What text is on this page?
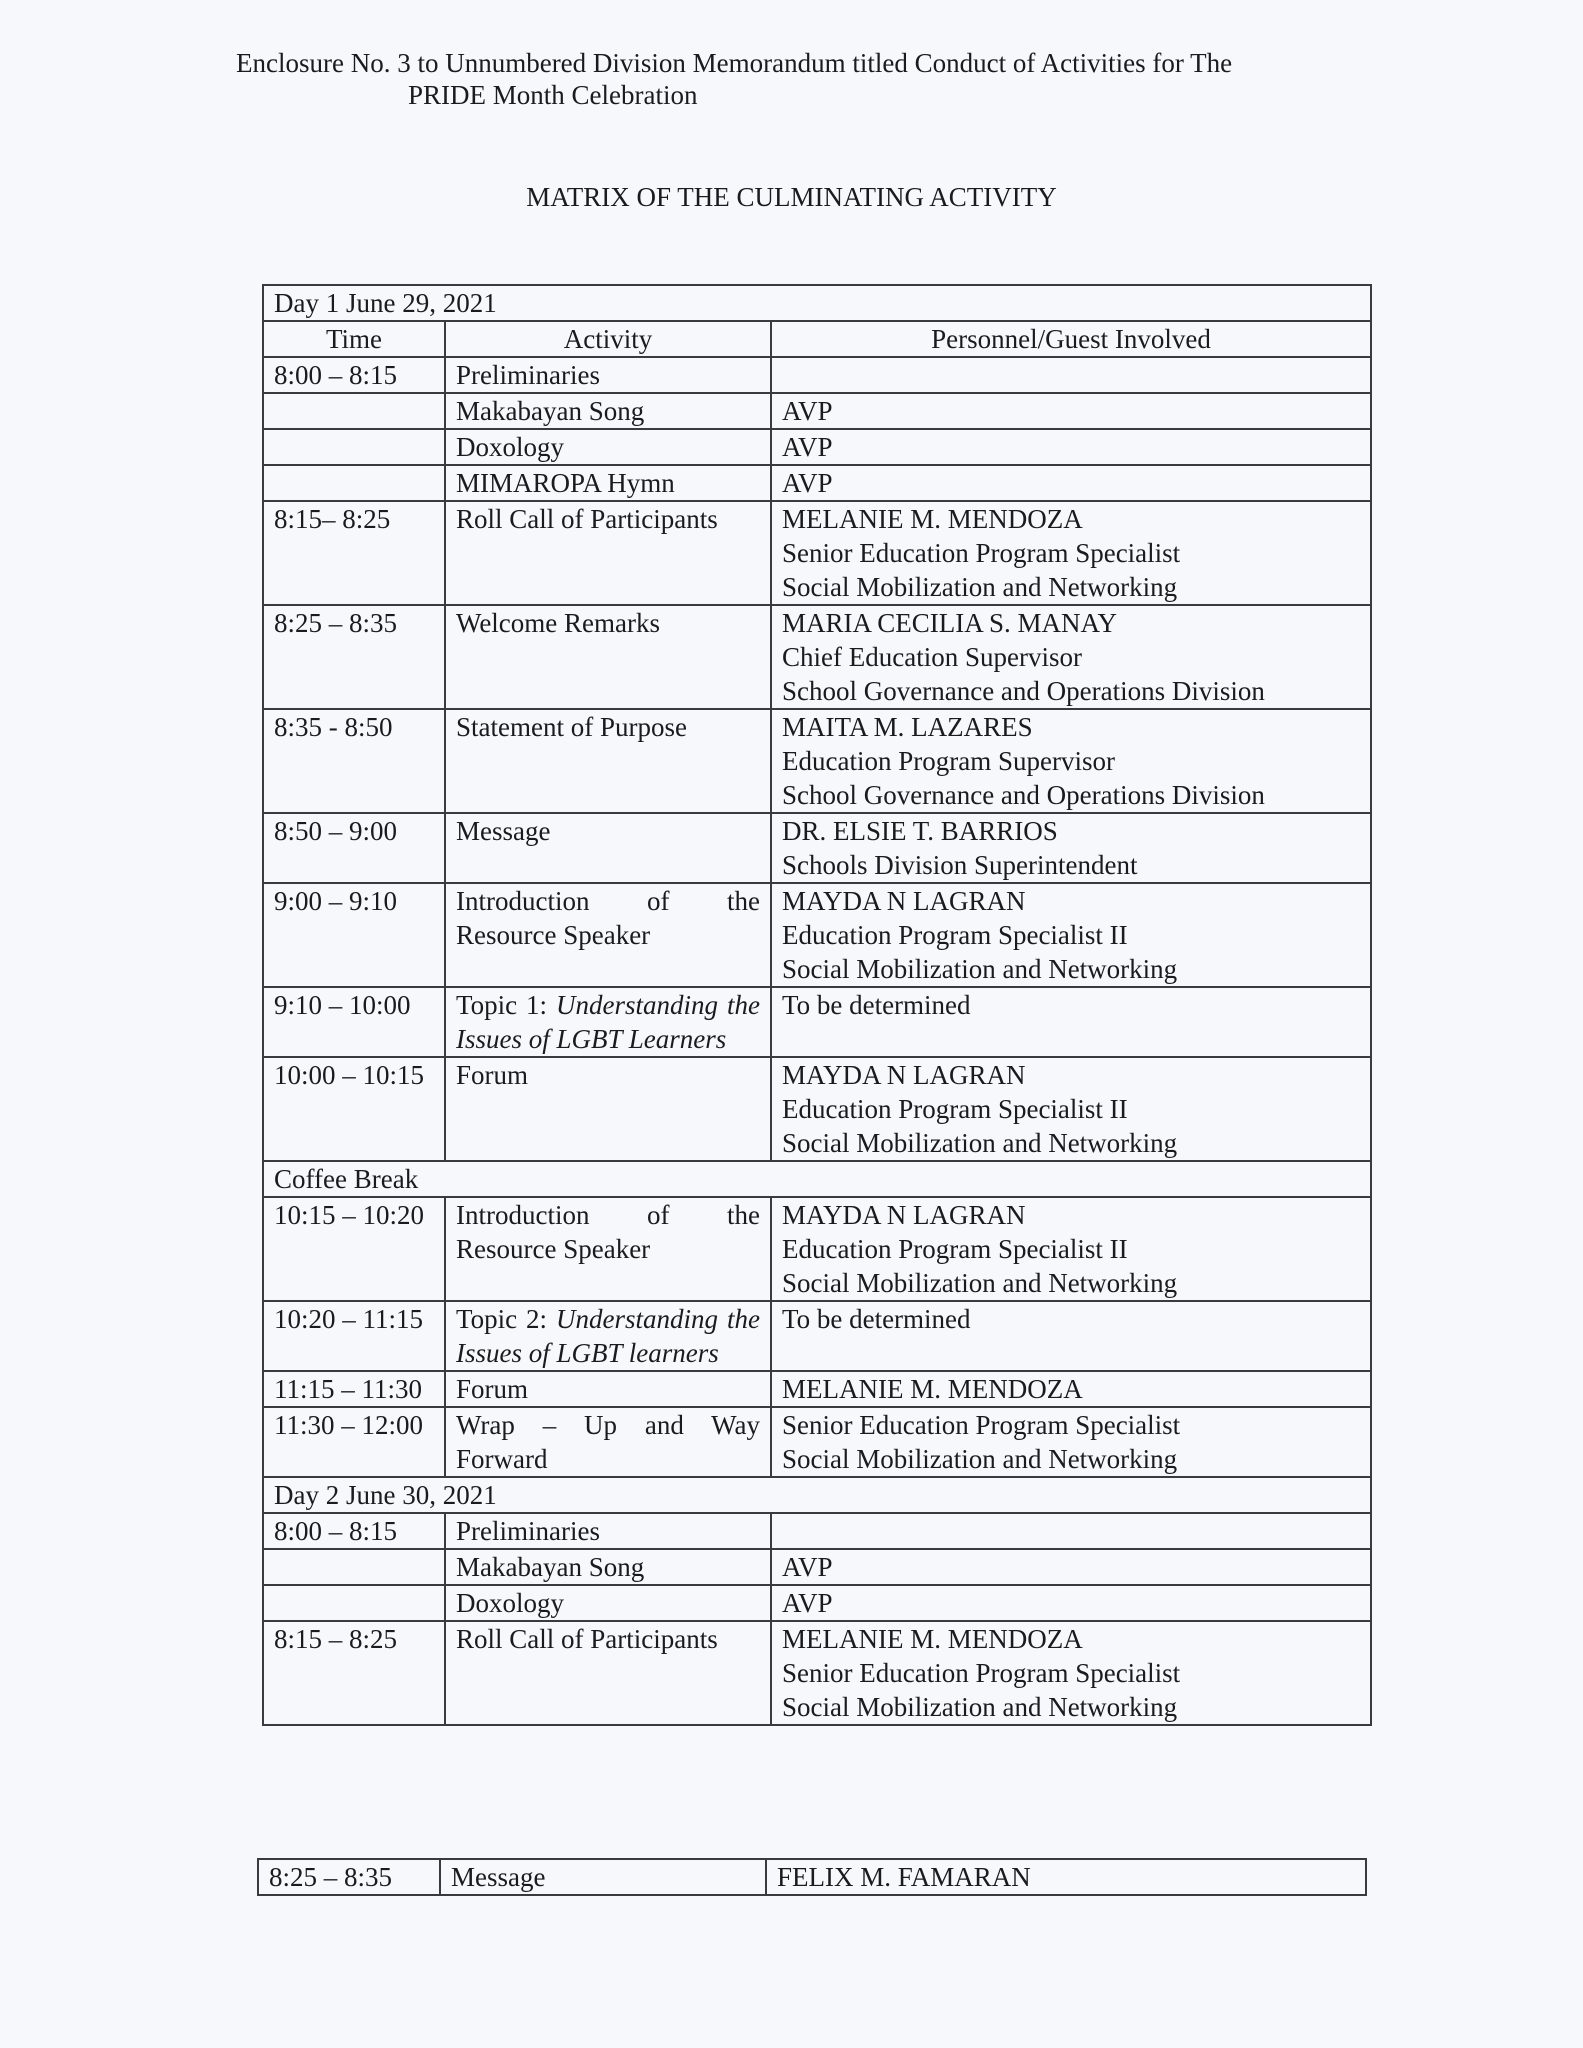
Enclosure No. 3 to Unnumbered Division Memorandum titled Conduct of Activities for The
PRIDE Month Celebration
MATRIX OF THE CULMINATING ACTIVITY
Day 1 June 29, 2021		
Time	Activity	Personnel/Guest Involved
8:00 – 8:15	Preliminaries	
	Makabayan Song	AVP

	Doxology	AVP

	MIMAROPA Hymn	AVP

8:15– 8:25	Roll Call of Participants	MELANIE M. MENDOZA
Senior Education Program Specialist
Social Mobilization and Networking

8:25 – 8:35	Welcome Remarks	MARIA CECILIA S. MANAY
Chief Education Supervisor
School Governance and Operations Division

8:35 - 8:50	Statement of Purpose	MAITA M. LAZARES
Education Program Supervisor
School Governance and Operations Division

8:50 – 9:00	Message	DR. ELSIE T. BARRIOS
Schools Division Superintendent

9:00 – 9:10	Introduction of the Resource Speaker	MAYDA N LAGRAN
Education Program Specialist II
Social Mobilization and Networking

9:10 – 10:00	Topic 1: Understanding the Issues of LGBT Learners	To be determined

10:00 – 10:15	Forum	MAYDA N LAGRAN
Education Program Specialist II
Social Mobilization and Networking

Coffee Break		
10:15 – 10:20	Introduction of the Resource Speaker	MAYDA N LAGRAN
Education Program Specialist II
Social Mobilization and Networking

10:20 – 11:15	Topic 2: Understanding the Issues of LGBT learners	To be determined

11:15 – 11:30	Forum	MELANIE M. MENDOZA

11:30 – 12:00	Wrap – Up and Way Forward	Senior Education Program Specialist
Social Mobilization and Networking

Day 2 June 30, 2021		
8:00 – 8:15	Preliminaries	
	Makabayan Song	AVP

	Doxology	AVP

8:15 – 8:25	Roll Call of Participants	MELANIE M. MENDOZA
Senior Education Program Specialist
Social Mobilization and Networking
8:25 – 8:35	Message	FELIX M. FAMARAN
